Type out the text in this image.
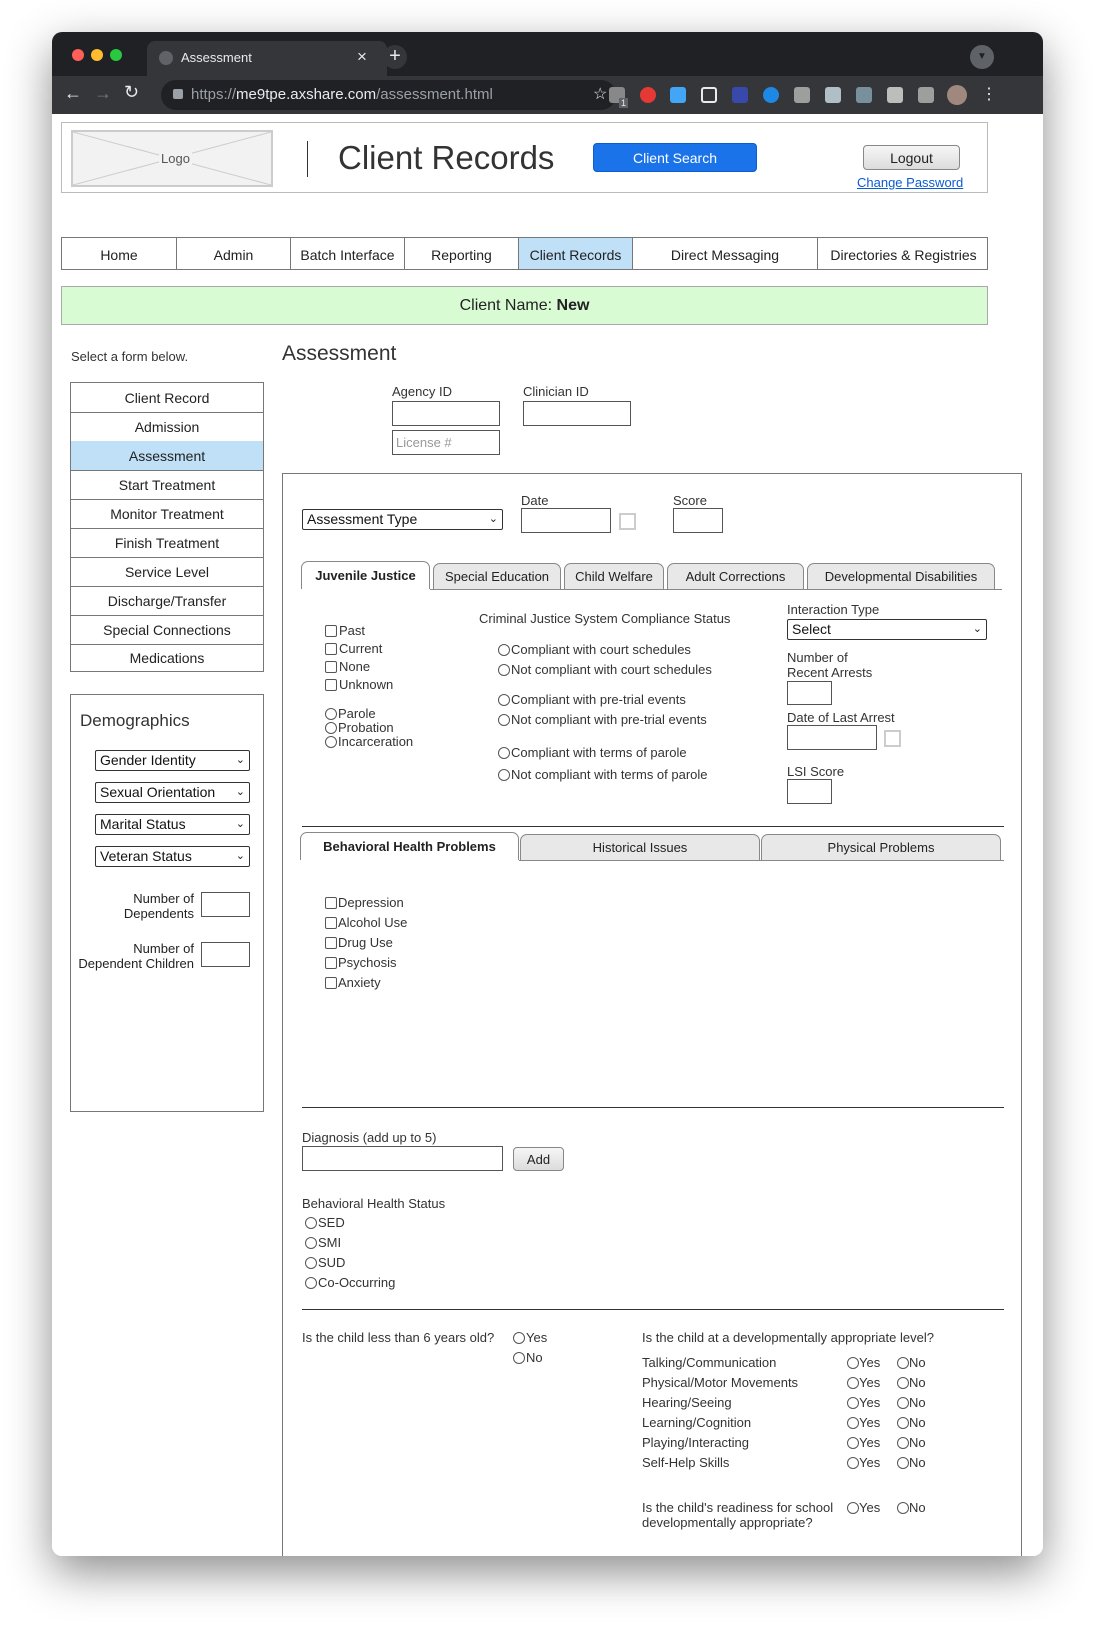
Assessment	×	+	▼
← → ↻	https://me9tpe.axshare.com/assessment.html	☆ 1	⋮
Logo	Client Records	Client Search	Logout
Change Password
Home	Admin	Batch Interface	Reporting	Client Records	Direct Messaging	Directories & Registries
Client Name:
New
Select a form below.
Client Record
Admission
Assessment
Start Treatment
Monitor Treatment
Finish Treatment
Service Level
Discharge/Transfer
Special Connections
Medications
Demographics
Gender Identity	⌄
Sexual Orientation ⌄
Marital Status	⌄
Veteran Status	⌄
Number of
Dependents
Number of
Dependent Children
Assessment
Agency ID	Clinician ID
License #
Assessment Type	⌄
Date	Score
Juvenile Justice	Special Education	Child Welfare	Adult Corrections	Developmental Disabilities
Past
Current
None
Unknown
Parole
Probation
Incarceration
Criminal Justice System Compliance Status
Compliant with court schedules
Not compliant with court schedules
Compliant with pre-trial events
Not compliant with pre-trial events
Compliant with terms of parole
Not compliant with terms of parole
Interaction Type
Select	⌄
Number of
Recent Arrests
Date of Last Arrest
LSI Score
Behavioral Health Problems	Historical Issues	Physical Problems
Depression
Alcohol Use
Drug Use
Psychosis
Anxiety
Diagnosis (add up to 5)
Add
Behavioral Health Status
SED
SMI
SUD
Co-Occurring
Is the child less than 6 years old? Yes
No
Is the child at a developmentally appropriate level?
Talking/Communication	Yes No
Physical/Motor Movements	Yes No
Hearing/Seeing	Yes No
Learning/Cognition	Yes No
Playing/Interacting	Yes No
Self-Help Skills	Yes No
Is the child's readiness for school
developmentally appropriate?
Yes No
